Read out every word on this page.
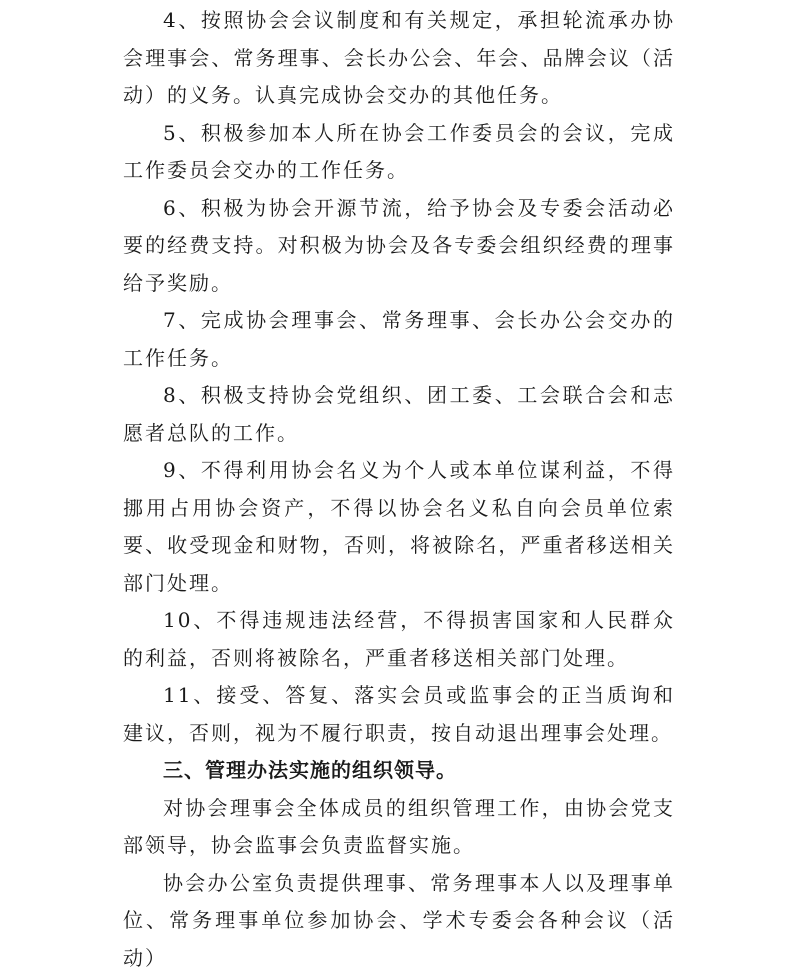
4、按照协会会议制度和有关规定，承担轮流承办协会理事会、常务理事、会长办公会、年会、品牌会议（活动）的义务。认真完成协会交办的其他任务。

5、积极参加本人所在协会工作委员会的会议，完成工作委员会交办的工作任务。

6、积极为协会开源节流，给予协会及专委会活动必要的经费支持。对积极为协会及各专委会组织经费的理事给予奖励。

7、完成协会理事会、常务理事、会长办公会交办的工作任务。

8、积极支持协会党组织、团工委、工会联合会和志愿者总队的工作。

9、不得利用协会名义为个人或本单位谋利益，不得挪用占用协会资产，不得以协会名义私自向会员单位索要、收受现金和财物，否则，将被除名，严重者移送相关部门处理。

10、不得违规违法经营，不得损害国家和人民群众的利益，否则将被除名，严重者移送相关部门处理。

11、接受、答复、落实会员或监事会的正当质询和建议，否则，视为不履行职责，按自动退出理事会处理。

三、管理办法实施的组织领导。

对协会理事会全体成员的组织管理工作，由协会党支部领导，协会监事会负责监督实施。

协会办公室负责提供理事、常务理事本人以及理事单位、常务理事单位参加协会、学术专委会各种会议（活动）
